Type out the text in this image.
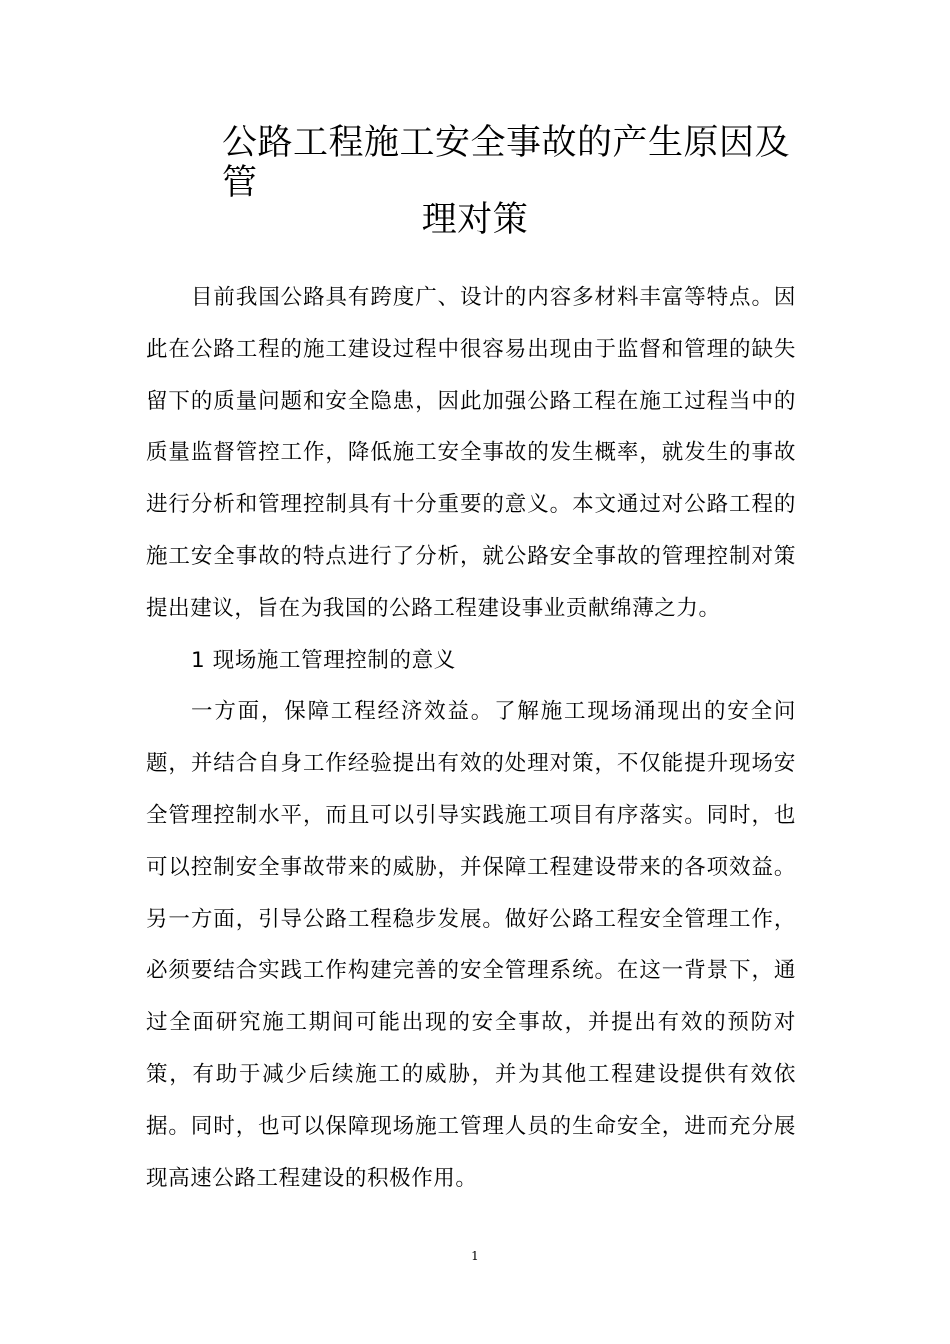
公路工程施工安全事故的产生原因及管
理对策

目前我国公路具有跨度广、设计的内容多材料丰富等特点。因此在公路工程的施工建设过程中很容易出现由于监督和管理的缺失留下的质量问题和安全隐患，因此加强公路工程在施工过程当中的质量监督管控工作，降低施工安全事故的发生概率，就发生的事故进行分析和管理控制具有十分重要的意义。本文通过对公路工程的施工安全事故的特点进行了分析，就公路安全事故的管理控制对策提出建议，旨在为我国的公路工程建设事业贡献绵薄之力。

1 现场施工管理控制的意义

一方面，保障工程经济效益。了解施工现场涌现出的安全问题，并结合自身工作经验提出有效的处理对策，不仅能提升现场安全管理控制水平，而且可以引导实践施工项目有序落实。同时，也可以控制安全事故带来的威胁，并保障工程建设带来的各项效益。另一方面，引导公路工程稳步发展。做好公路工程安全管理工作，必须要结合实践工作构建完善的安全管理系统。在这一背景下，通过全面研究施工期间可能出现的安全事故，并提出有效的预防对策，有助于减少后续施工的威胁，并为其他工程建设提供有效依据。同时，也可以保障现场施工管理人员的生命安全，进而充分展现高速公路工程建设的积极作用。

1
